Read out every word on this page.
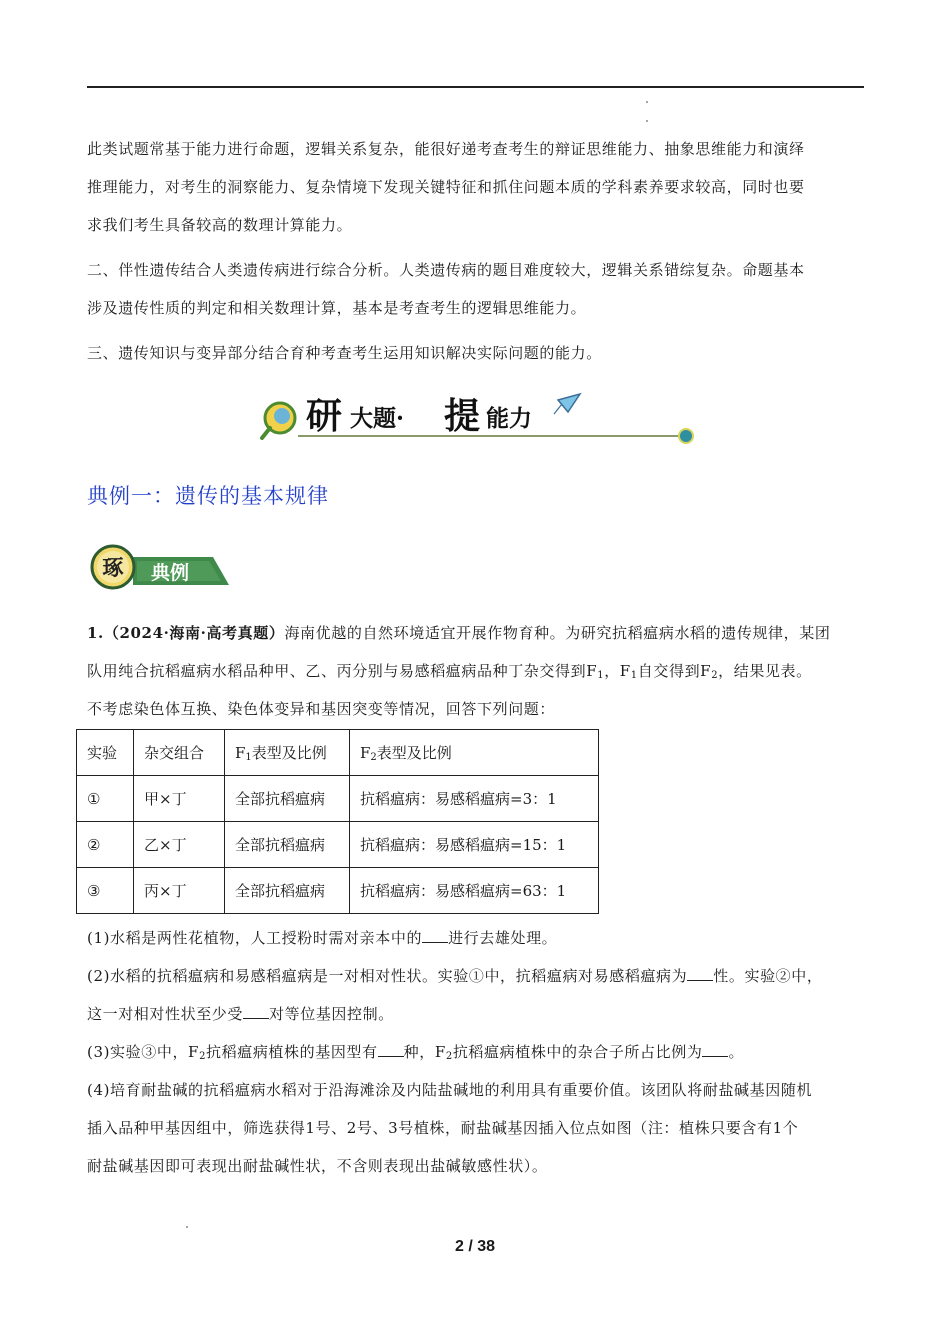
此类试题常基于能力进行命题，逻辑关系复杂，能很好递考查考生的辩证思维能力、抽象思维能力和演绎
推理能力，对考生的洞察能力、复杂情境下发现关键特征和抓住问题本质的学科素养要求较高，同时也要
求我们考生具备较高的数理计算能力。
二、伴性遗传结合人类遗传病进行综合分析。人类遗传病的题目难度较大，逻辑关系错综复杂。命题基本
涉及遗传性质的判定和相关数理计算，基本是考查考生的逻辑思维能力。
三、遗传知识与变异部分结合育种考查考生运用知识解决实际问题的能力。
研 大题· 提 能力
典例一：遗传的基本规律
琢 典例
1.（2024·海南·高考真题）海南优越的自然环境适宜开展作物育种。为研究抗稻瘟病水稻的遗传规律，某团
队用纯合抗稻瘟病水稻品种甲、乙、丙分别与易感稻瘟病品种丁杂交得到$F_1$，$F_1$自交得到$F_2$，结果见表。
不考虑染色体互换、染色体变异和基因突变等情况，回答下列问题：
实验	杂交组合	$F_1$表型及比例	$F_2$表型及比例
①	甲×丁	全部抗稻瘟病	抗稻瘟病：易感稻瘟病=3：1
②	乙×丁	全部抗稻瘟病	抗稻瘟病：易感稻瘟病=15：1
③	丙×丁	全部抗稻瘟病	抗稻瘟病：易感稻瘟病=63：1
(1)水稻是两性花植物，人工授粉时需对亲本中的 进行去雄处理。
(2)水稻的抗稻瘟病和易感稻瘟病是一对相对性状。实验①中，抗稻瘟病对易感稻瘟病为 性。实验②中，
这一对相对性状至少受 对等位基因控制。
(3)实验③中，$F_2$抗稻瘟病植株的基因型有 种，$F_2$抗稻瘟病植株中的杂合子所占比例为 。
(4)培育耐盐碱的抗稻瘟病水稻对于沿海滩涂及内陆盐碱地的利用具有重要价值。该团队将耐盐碱基因随机
插入品种甲基因组中，筛选获得1号、2号、3号植株，耐盐碱基因插入位点如图（注：植株只要含有1个
耐盐碱基因即可表现出耐盐碱性状，不含则表现出盐碱敏感性状）。
2 / 38
